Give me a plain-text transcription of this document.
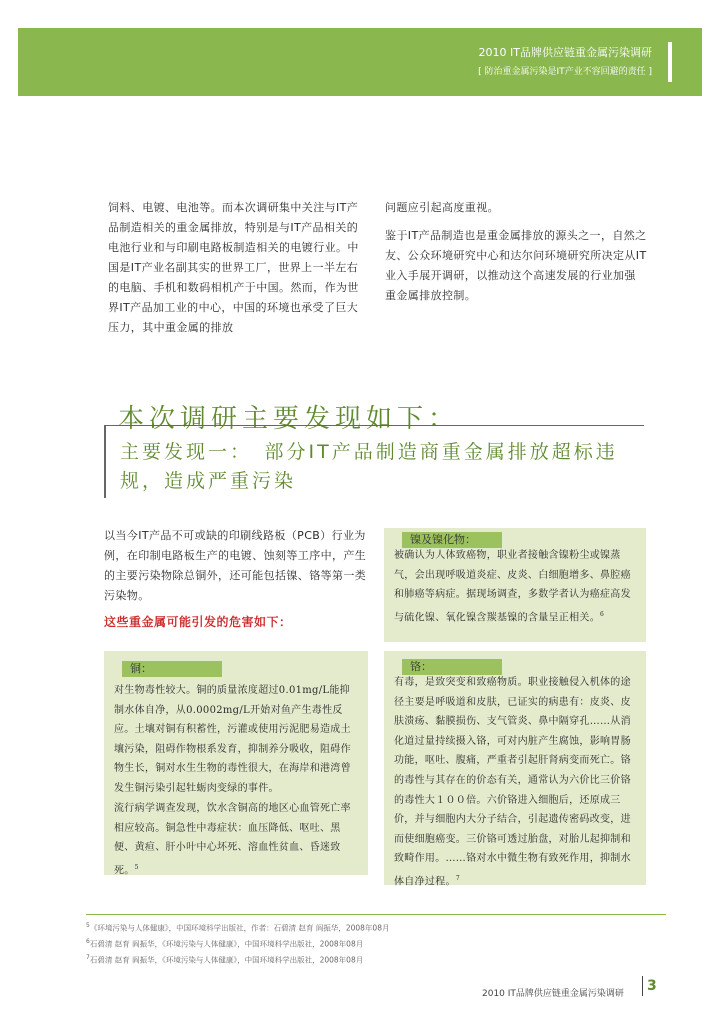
2010 IT品牌供应链重金属污染调研
[ 防治重金属污染是IT产业不容回避的责任 ]

饲料、电镀、电池等。而本次调研集中关注与IT产品制造相关的重金属排放，特别是与IT产品相关的电池行业和与印刷电路板制造相关的电镀行业。中国是IT产业名副其实的世界工厂，世界上一半左右的电脑、手机和数码相机产于中国。然而，作为世界IT产品加工业的中心，中国的环境也承受了巨大压力，其中重金属的排放

问题应引起高度重视。

鉴于IT产品制造也是重金属排放的源头之一，自然之友、公众环境研究中心和达尔问环境研究所决定从IT业入手展开调研，以推动这个高速发展的行业加强重金属排放控制。

本次调研主要发现如下：
主要发现一：　部分IT产品制造商重金属排放超标违规，造成严重污染

以当今IT产品不可或缺的印刷线路板（PCB）行业为例，在印制电路板生产的电镀、蚀刻等工序中，产生的主要污染物除总铜外，还可能包括镍、铬等第一类污染物。

这些重金属可能引发的危害如下：
铜：

对生物毒性较大。铜的质量浓度超过0.01mg/L能抑制水体自净，从0.0002mg/L开始对鱼产生毒性反应。土壤对铜有积蓄性，污灌或使用污泥肥易造成土壤污染，阻碍作物根系发育，抑制养分吸收，阻碍作物生长，铜对水生生物的毒性很大，在海岸和港湾曾发生铜污染引起牡蛎肉变绿的事件。

流行病学调查发现，饮水含铜高的地区心血管死亡率相应较高。铜急性中毒症状：血压降低、呕吐、黑便、黄疸、肝小叶中心坏死、溶血性贫血、昏迷致死。$^5$

镍及镍化物：

被确认为人体致癌物，职业者接触含镍粉尘或镍蒸气，会出现呼吸道炎症、皮炎、白细胞增多、鼻腔癌和肺癌等病症。据现场调查，多数学者认为癌症高发与硫化镍、氧化镍含羰基镍的含量呈正相关。$^6$

铬：

有毒，是致突变和致癌物质。职业接触侵入机体的途径主要是呼吸道和皮肤，已证实的病患有：皮炎、皮肤溃疡、黏膜损伤、支气管炎、鼻中隔穿孔……从消化道过量持续摄入铬，可对内脏产生腐蚀，影响胃肠功能，呕吐、腹痛，严重者引起肝肾病变而死亡。铬的毒性与其存在的价态有关，通常认为六价比三价铬的毒性大１００倍。六价铬进入细胞后，还原成三价，并与细胞内大分子结合，引起遗传密码改变，进而使细胞癌变。三价铬可透过胎盘，对胎儿起抑制和致畸作用。……铬对水中微生物有致死作用，抑制水体自净过程。$^7$

$^5$《环境污染与人体健康》，中国环境科学出版社，作者：石碧清 赵育 阎振华，2008年08月
$^6$石碧清 赵育 阎振华，《环境污染与人体健康》，中国环境科学出版社，2008年08月
$^7$石碧清 赵育 阎振华，《环境污染与人体健康》，中国环境科学出版社，2008年08月
2010 IT品牌供应链重金属污染调研 3
